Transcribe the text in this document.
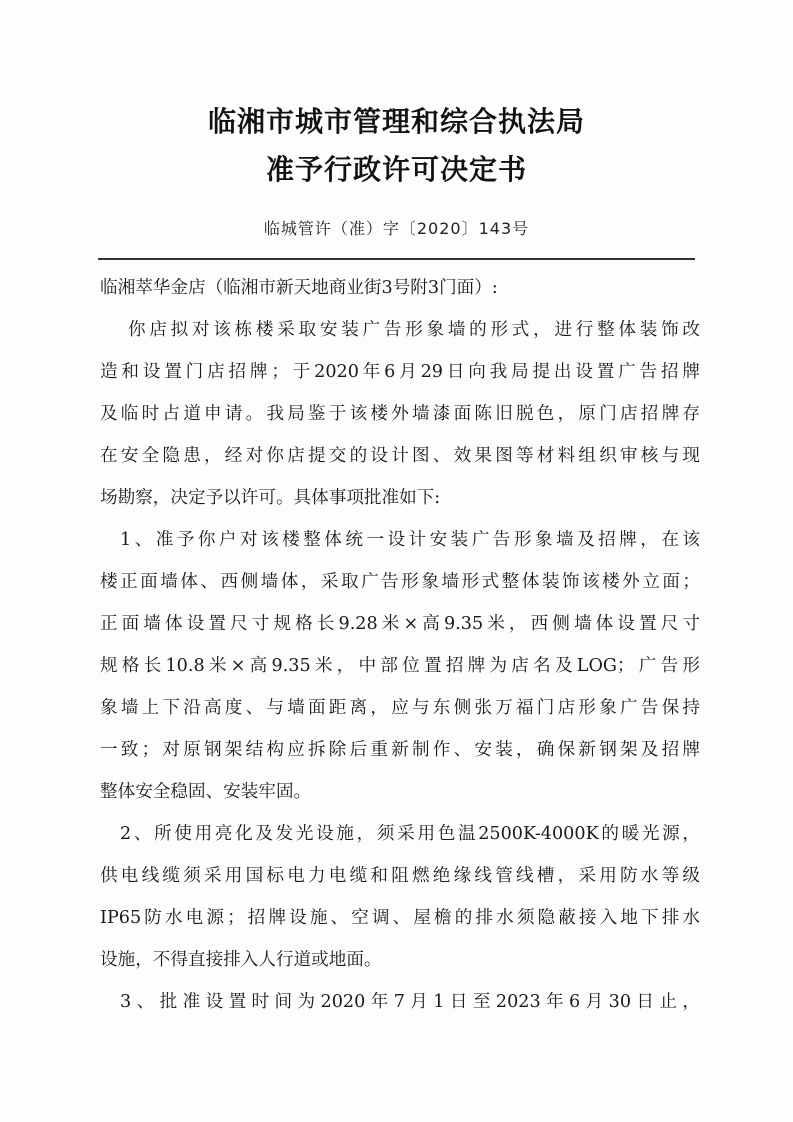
临湘市城市管理和综合执法局
准予行政许可决定书
临城管许（准）字〔2020〕143号
临湘萃华金店（临湘市新天地商业街3号附3门面）:
你店拟对该栋楼采取安装广告形象墙的形式，进行整体装饰改
造和设置门店招牌；于2020年6月29日向我局提出设置广告招牌
及临时占道申请。我局鉴于该楼外墙漆面陈旧脱色，原门店招牌存
在安全隐患，经对你店提交的设计图、效果图等材料组织审核与现
场勘察，决定予以许可。具体事项批准如下:
1、准予你户对该楼整体统一设计安装广告形象墙及招牌，在该
楼正面墙体、西侧墙体，采取广告形象墙形式整体装饰该楼外立面；
正面墙体设置尺寸规格长9.28米×高9.35米，西侧墙体设置尺寸
规格长10.8米×高9.35米，中部位置招牌为店名及LOG；广告形
象墙上下沿高度、与墙面距离，应与东侧张万福门店形象广告保持
一致；对原钢架结构应拆除后重新制作、安装，确保新钢架及招牌
整体安全稳固、安装牢固。
2、所使用亮化及发光设施，须采用色温2500K-4000K的暖光源，
供电线缆须采用国标电力电缆和阻燃绝缘线管线槽，采用防水等级
IP65防水电源；招牌设施、空调、屋檐的排水须隐蔽接入地下排水
设施，不得直接排入人行道或地面。
3、批准设置时间为2020年7月1日至2023年6月30日止，
